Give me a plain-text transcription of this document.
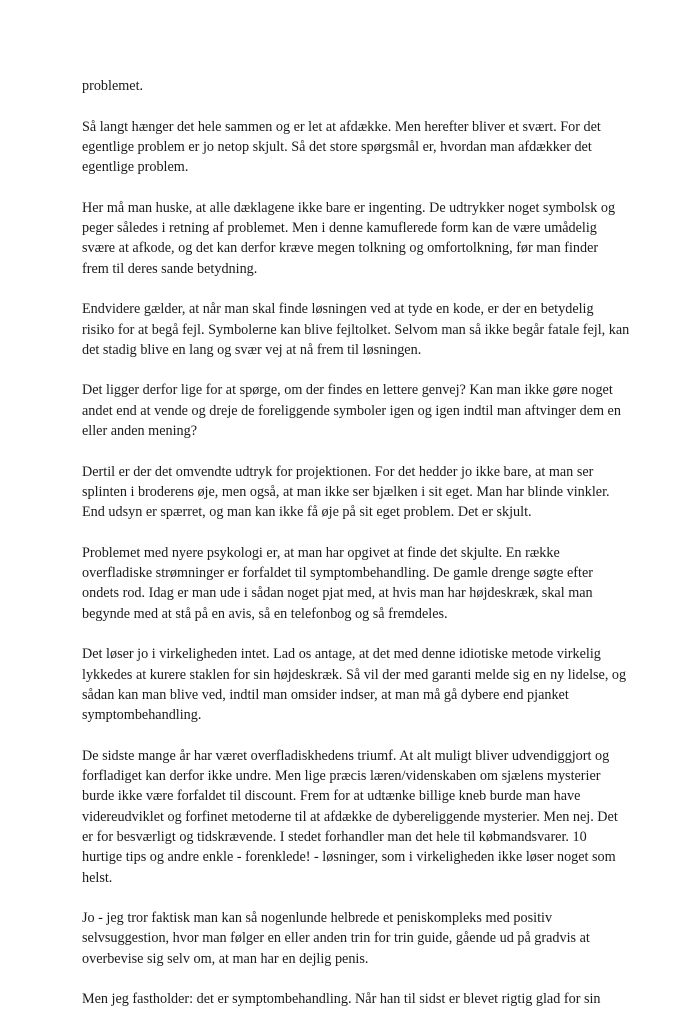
problemet.

Så langt hænger det hele sammen og er let at afdække. Men herefter bliver et svært. For det
egentlige problem er jo netop skjult. Så det store spørgsmål er, hvordan man afdækker det
egentlige problem.

Her må man huske, at alle dæklagene ikke bare er ingenting. De udtrykker noget symbolsk og
peger således i retning af problemet. Men i denne kamuflerede form kan de være umådelig
svære at afkode, og det kan derfor kræve megen tolkning og omfortolkning, før man finder
frem til deres sande betydning.

Endvidere gælder, at når man skal finde løsningen ved at tyde en kode, er der en betydelig
risiko for at begå fejl. Symbolerne kan blive fejltolket. Selvom man så ikke begår fatale fejl, kan
det stadig blive en lang og svær vej at nå frem til løsningen.

Det ligger derfor lige for at spørge, om der findes en lettere genvej? Kan man ikke gøre noget
andet end at vende og dreje de foreliggende symboler igen og igen indtil man aftvinger dem en
eller anden mening?

Dertil er der det omvendte udtryk for projektionen. For det hedder jo ikke bare, at man ser
splinten i broderens øje, men også, at man ikke ser bjælken i sit eget. Man har blinde vinkler.
End udsyn er spærret, og man kan ikke få øje på sit eget problem. Det er skjult.

Problemet med nyere psykologi er, at man har opgivet at finde det skjulte. En række
overfladiske strømninger er forfaldet til symptombehandling. De gamle drenge søgte efter
ondets rod. Idag er man ude i sådan noget pjat med, at hvis man har højdeskræk, skal man
begynde med at stå på en avis, så en telefonbog og så fremdeles.

Det løser jo i virkeligheden intet. Lad os antage, at det med denne idiotiske metode virkelig
lykkedes at kurere staklen for sin højdeskræk. Så vil der med garanti melde sig en ny lidelse, og
sådan kan man blive ved, indtil man omsider indser, at man må gå dybere end pjanket
symptombehandling.

De sidste mange år har været overfladiskhedens triumf. At alt muligt bliver udvendiggjort og
forfladiget kan derfor ikke undre. Men lige præcis læren/videnskaben om sjælens mysterier
burde ikke være forfaldet til discount. Frem for at udtænke billige kneb burde man have
videreudviklet og forfinet metoderne til at afdække de dybereliggende mysterier. Men nej. Det
er for besværligt og tidskrævende. I stedet forhandler man det hele til købmandsvarer. 10
hurtige tips og andre enkle - forenklede! - løsninger, som i virkeligheden ikke løser noget som
helst.

Jo - jeg tror faktisk man kan så nogenlunde helbrede et peniskompleks med positiv
selvsuggestion, hvor man følger en eller anden trin for trin guide, gående ud på gradvis at
overbevise sig selv om, at man har en dejlig penis.

Men jeg fastholder: det er symptombehandling. Når han til sidst er blevet rigtig glad for sin
